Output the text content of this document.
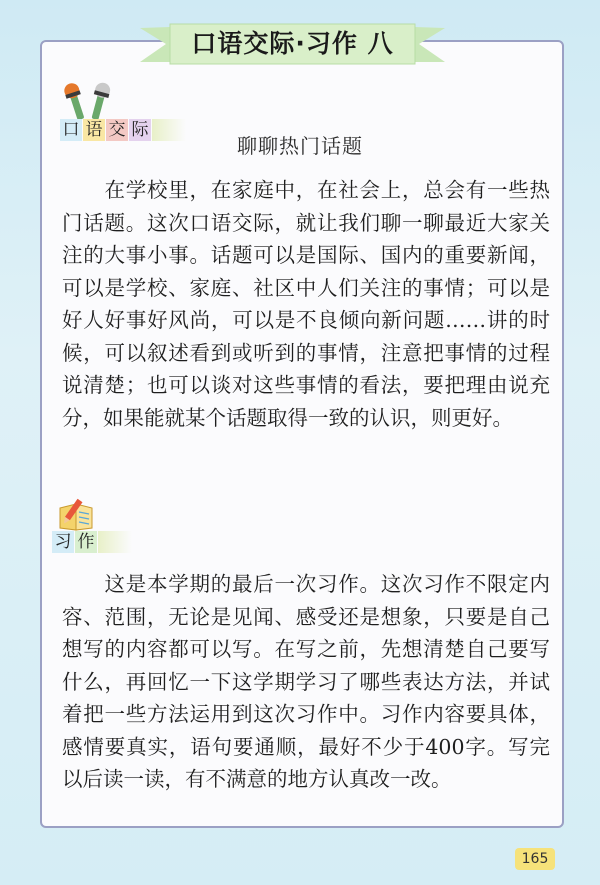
口语交际·习作 八
口 语 交 际
聊聊热门话题
　　在学校里，在家庭中，在社会上，总会有一些热门话题。这次口语交际，就让我们聊一聊最近大家关注的大事小事。话题可以是国际、国内的重要新闻，可以是学校、家庭、社区中人们关注的事情；可以是好人好事好风尚，可以是不良倾向新问题……讲的时候，可以叙述看到或听到的事情，注意把事情的过程说清楚；也可以谈对这些事情的看法，要把理由说充分，如果能就某个话题取得一致的认识，则更好。
习 作
　　这是本学期的最后一次习作。这次习作不限定内容、范围，无论是见闻、感受还是想象，只要是自己想写的内容都可以写。在写之前，先想清楚自己要写什么，再回忆一下这学期学习了哪些表达方法，并试着把一些方法运用到这次习作中。习作内容要具体，感情要真实，语句要通顺，最好不少于400字。写完以后读一读，有不满意的地方认真改一改。
165
